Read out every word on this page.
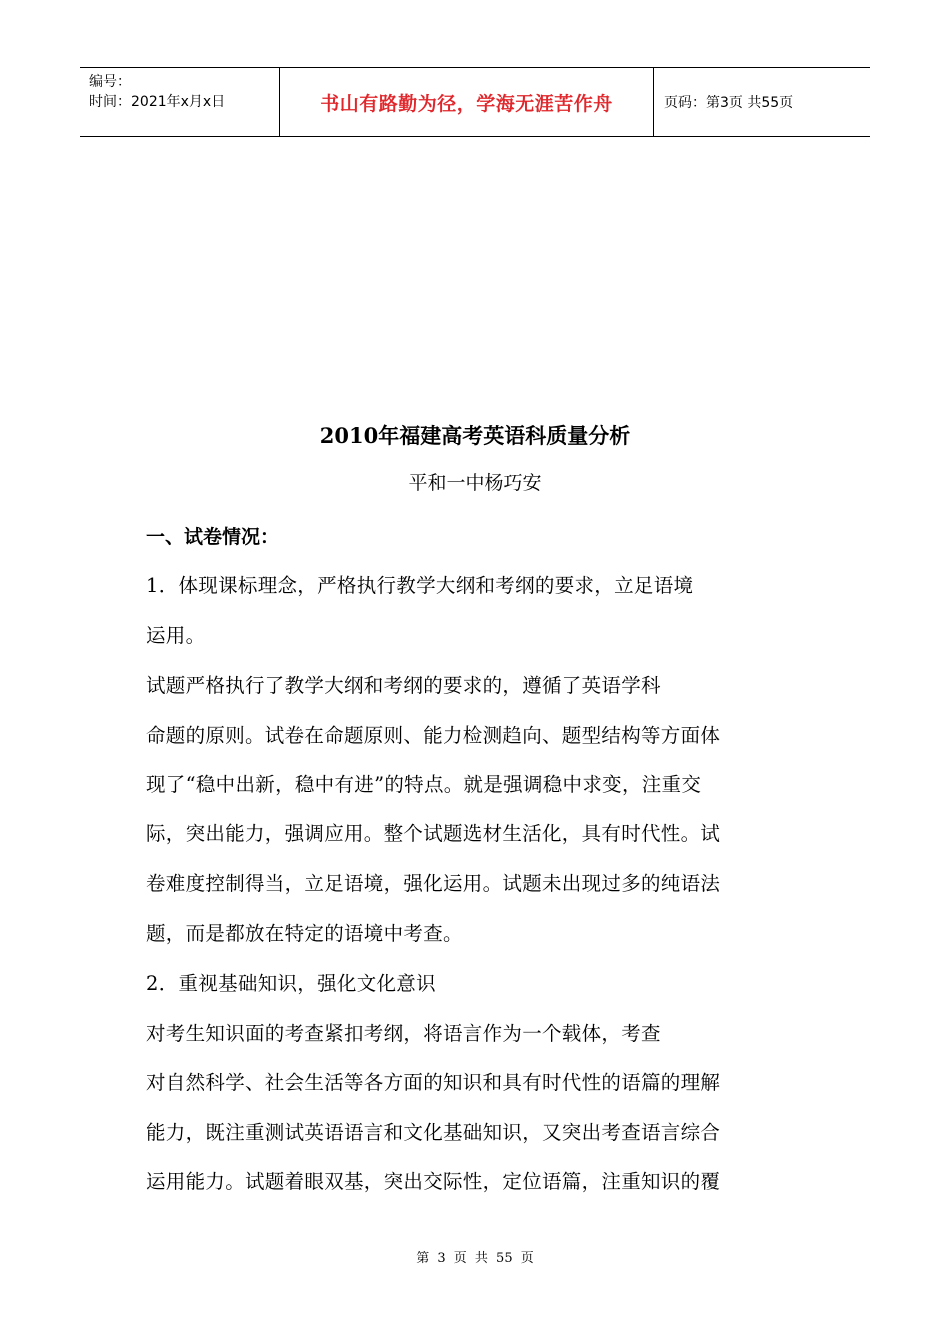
编号：
时间：2021年x月x日	书山有路勤为径，学海无涯苦作舟	页码：第3页 共55页
2010年福建高考英语科质量分析
平和一中杨巧安
一、试卷情况：
1．体现课标理念，严格执行教学大纲和考纲的要求，立足语境
运用。
试题严格执行了教学大纲和考纲的要求的，遵循了英语学科
命题的原则。试卷在命题原则、能力检测趋向、题型结构等方面体
现了“稳中出新，稳中有进”的特点。就是强调稳中求变，注重交
际，突出能力，强调应用。整个试题选材生活化，具有时代性。试
卷难度控制得当，立足语境，强化运用。试题未出现过多的纯语法
题，而是都放在特定的语境中考查。
2．重视基础知识，强化文化意识
对考生知识面的考查紧扣考纲，将语言作为一个载体，考查
对自然科学、社会生活等各方面的知识和具有时代性的语篇的理解
能力，既注重测试英语语言和文化基础知识，又突出考查语言综合
运用能力。试题着眼双基，突出交际性，定位语篇，注重知识的覆
第 3 页 共 55 页
